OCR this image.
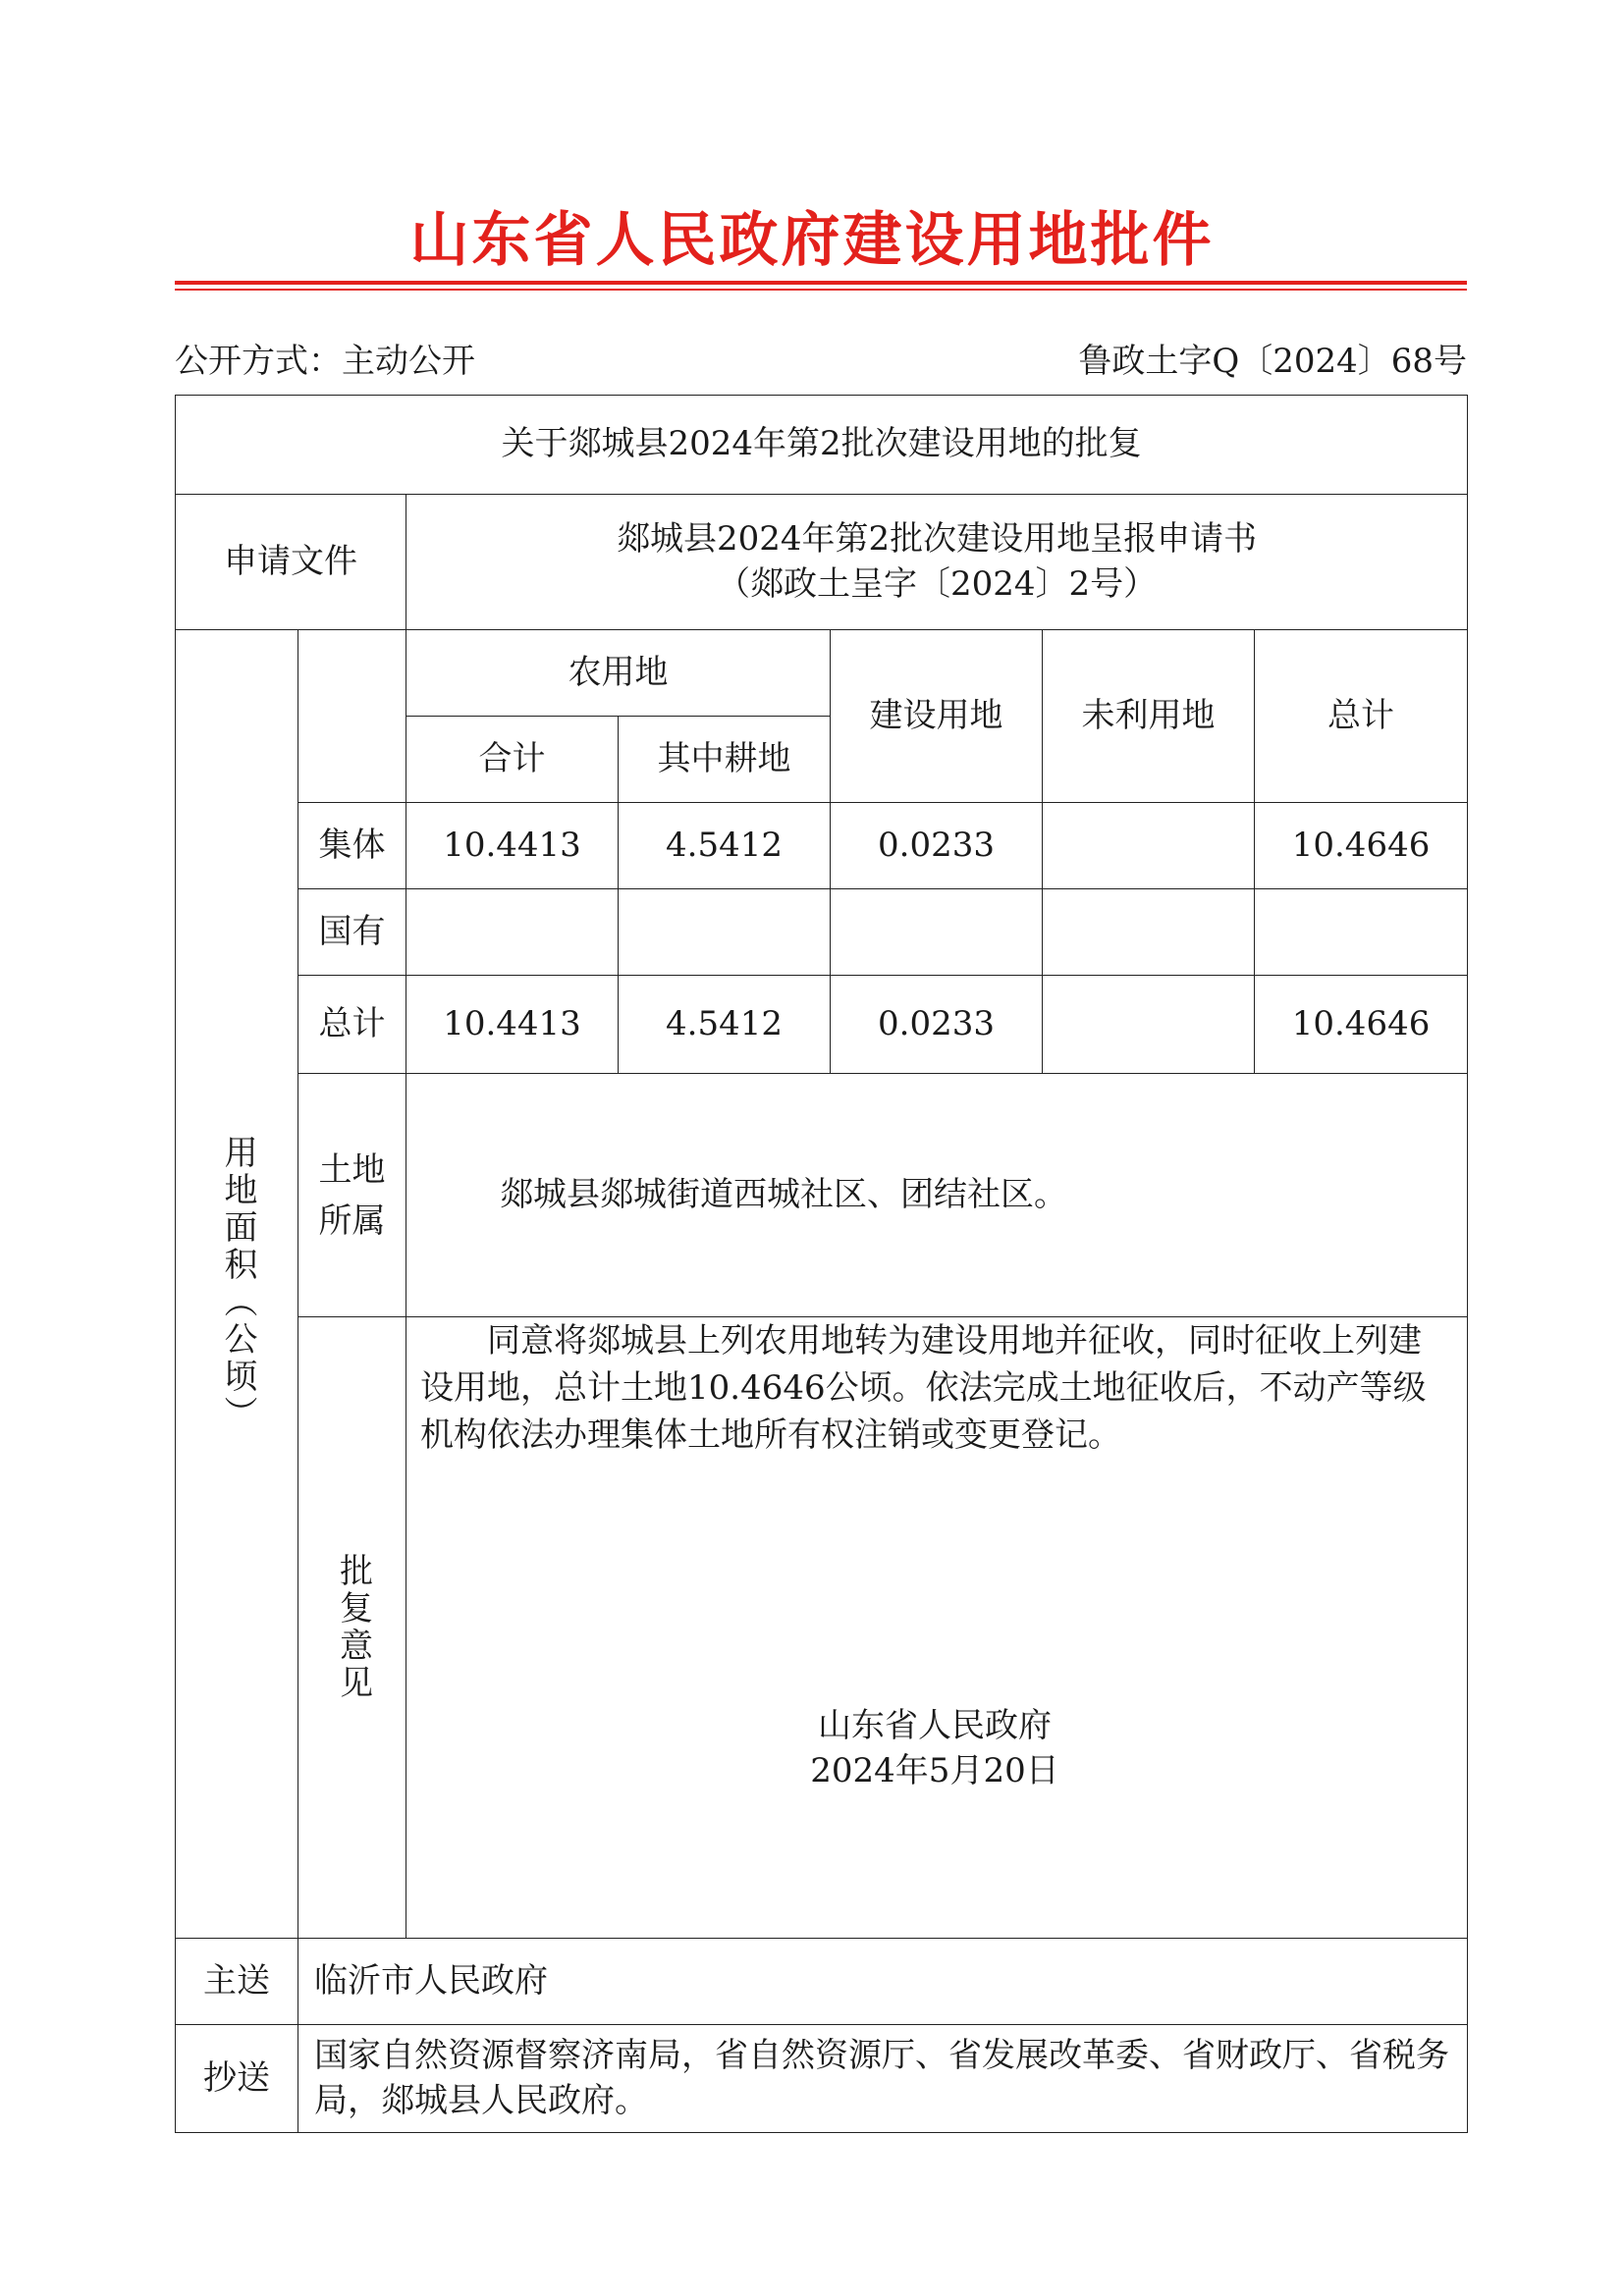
山东省人民政府建设用地批件
公开方式：主动公开	鲁政土字Q〔2024〕68号
关于郯城县2024年第2批次建设用地的批复						
申请文件		郯城县2024年第2批次建设用地呈报申请书
（郯政土呈字〔2024〕2号）				

用地面积（公顷）		农用地		建设用地	未利用地	总计
		合计	其中耕地			
	集体	10.4413	4.5412	0.0233		10.4646
	国有					
	总计	10.4413	4.5412	0.0233		10.4646

	土地所属	郯城县郯城街道西城社区、团结社区。				

	批复意见	同意将郯城县上列农用地转为建设用地并征收，同时征收上列建设用地，总计土地10.4646公顷。依法完成土地征收后，不动产等级机构依法办理集体土地所有权注销或变更登记。
山东省人民政府
2024年5月20日				

主送	临沂市人民政府					
抄送	国家自然资源督察济南局，省自然资源厅、省发展改革委、省财政厅、省税务局，郯城县人民政府。					
